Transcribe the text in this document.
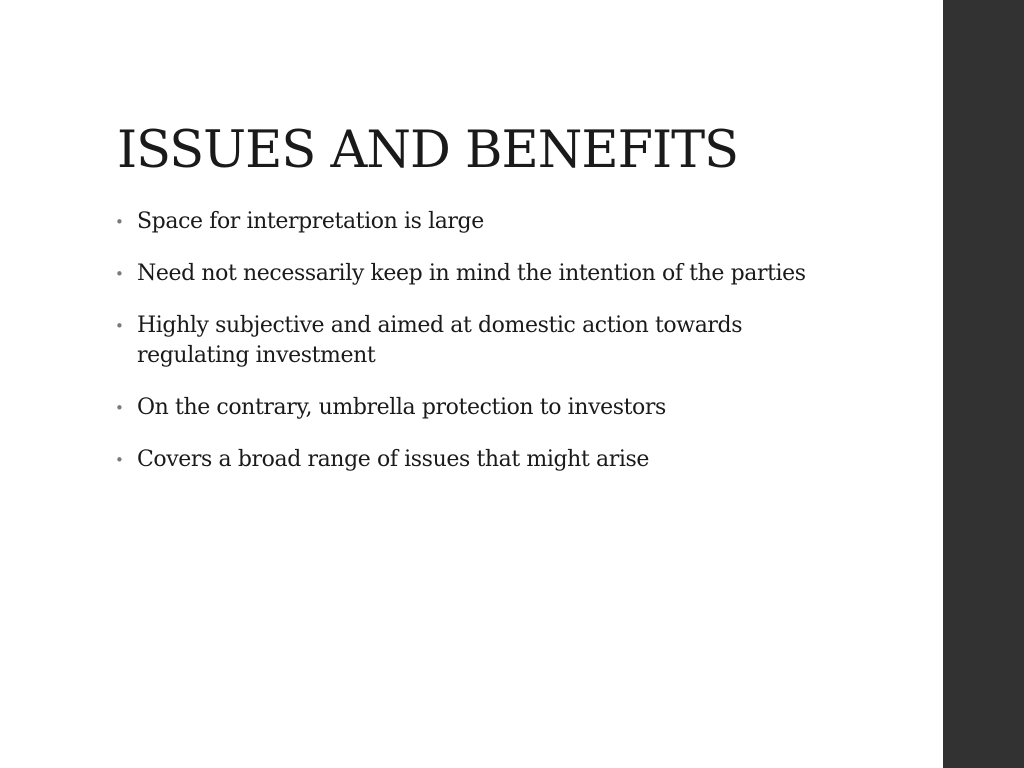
ISSUES AND BENEFITS
• Space for interpretation is large
• Need not necessarily keep in mind the intention of the parties
• Highly subjective and aimed at domestic action towards regulating investment
• On the contrary, umbrella protection to investors
• Covers a broad range of issues that might arise
